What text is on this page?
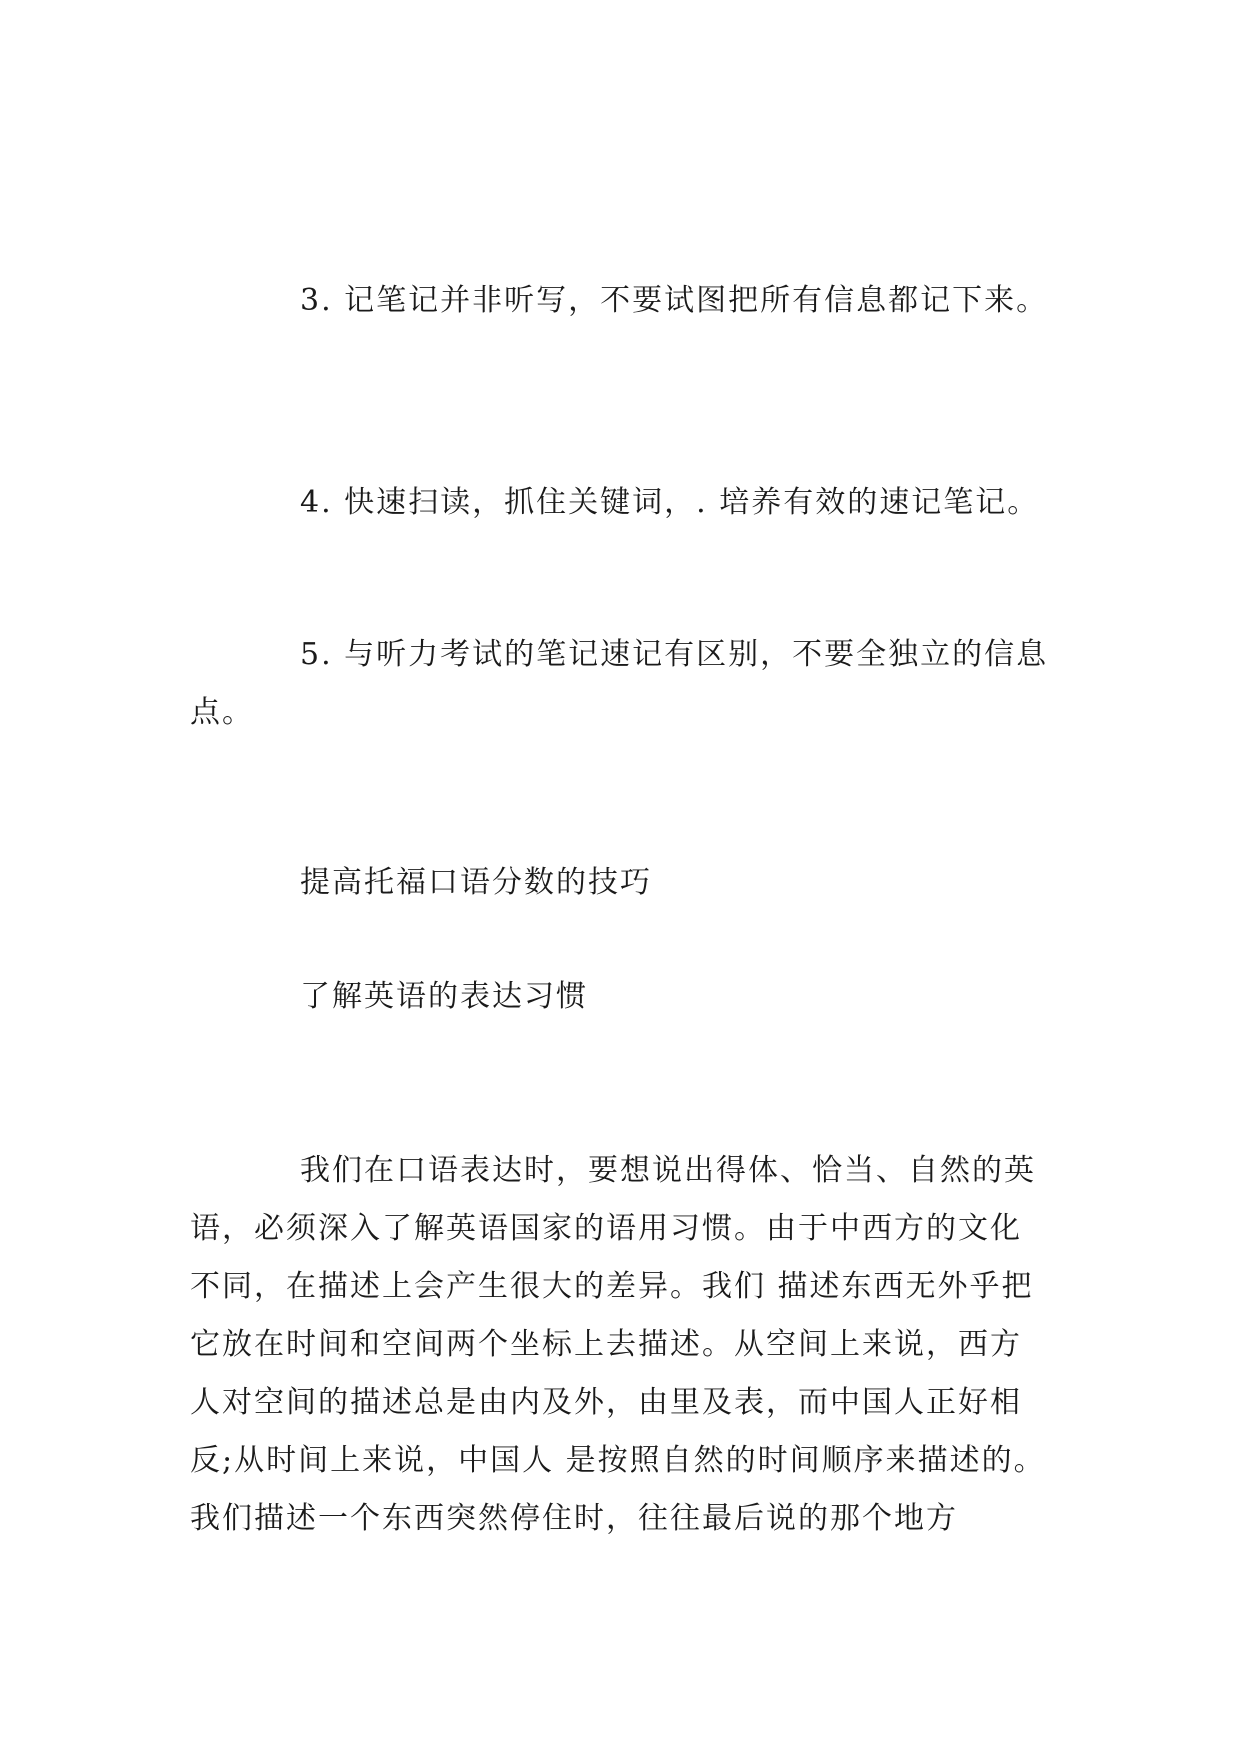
3. 记笔记并非听写，不要试图把所有信息都记下来。

4. 快速扫读，抓住关键词，. 培养有效的速记笔记。

5. 与听力考试的笔记速记有区别，不要全独立的信息点。

提高托福口语分数的技巧

了解英语的表达习惯

我们在口语表达时，要想说出得体、恰当、自然的英语，必须深入了解英语国家的语用习惯。由于中西方的文化不同，在描述上会产生很大的差异。我们 描述东西无外乎把它放在时间和空间两个坐标上去描述。从空间上来说，西方人对空间的描述总是由内及外，由里及表，而中国人正好相反;从时间上来说，中国人 是按照自然的时间顺序来描述的。我们描述一个东西突然停住时，往往最后说的那个地方
